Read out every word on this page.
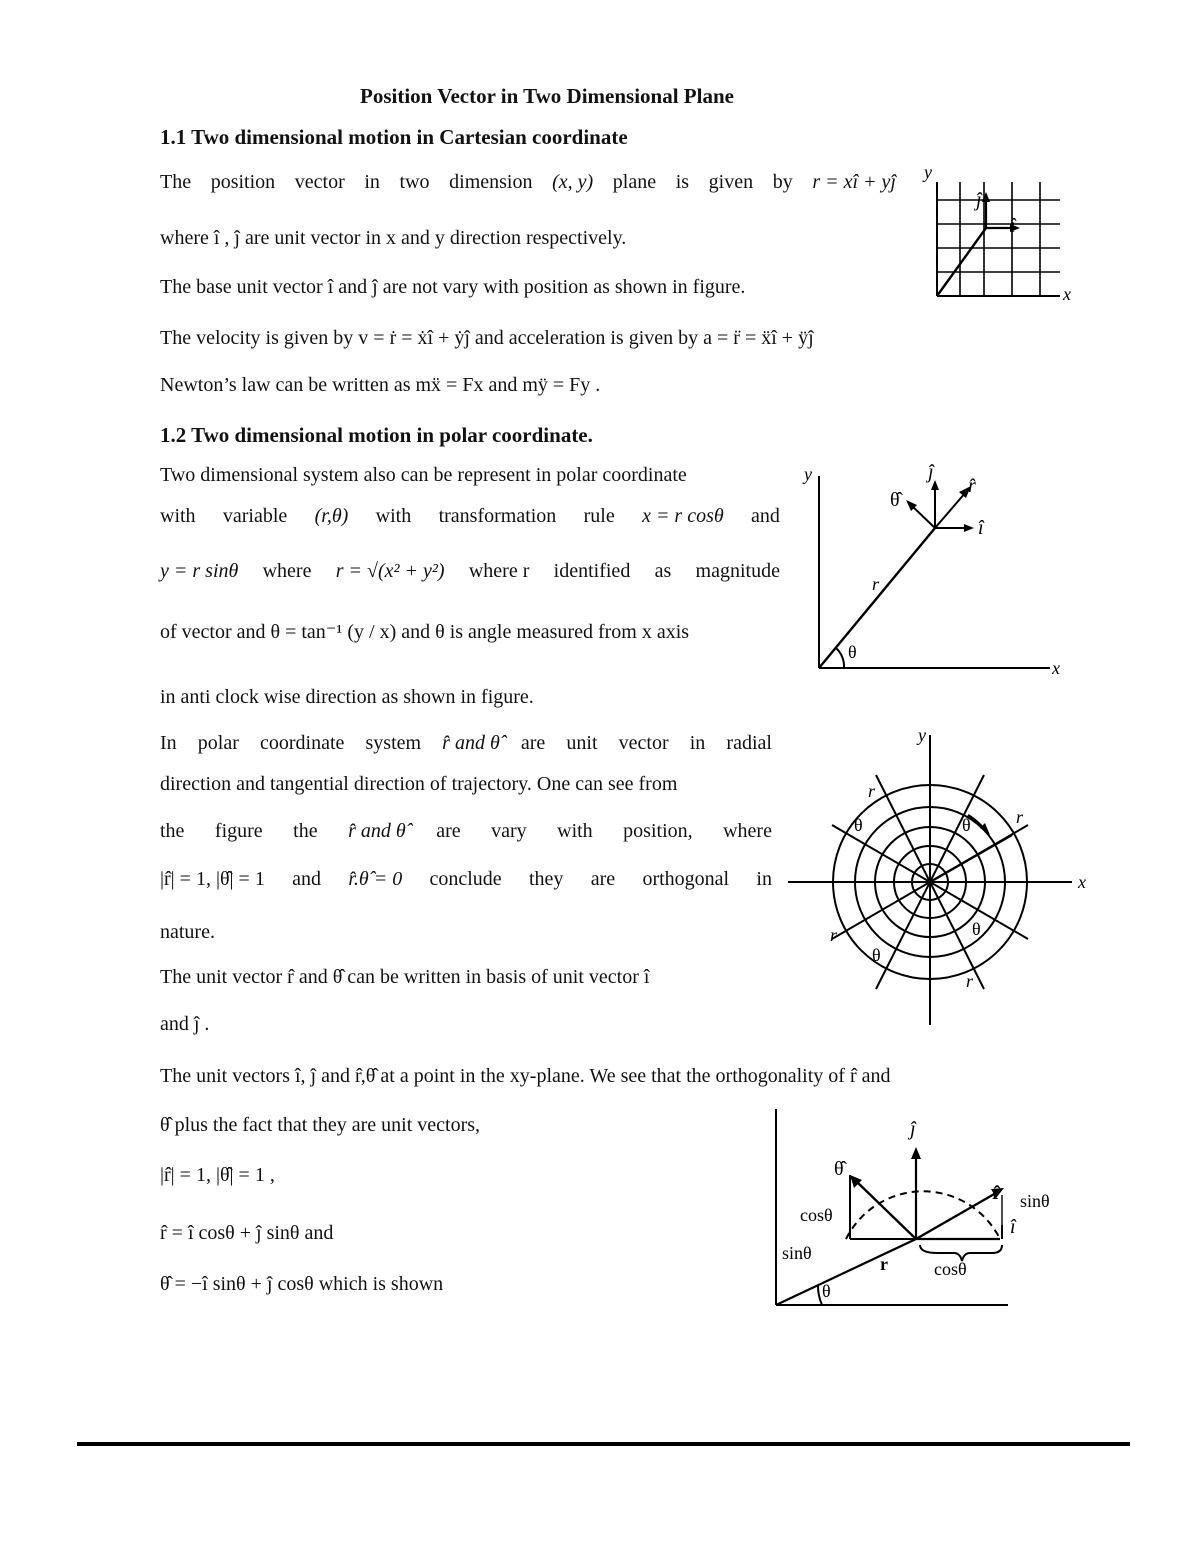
Position Vector in Two Dimensional Plane
1.1 Two dimensional motion in Cartesian coordinate
The position vector in two dimension (x, y) plane is given by r = xî + yĵ
where î , ĵ are unit vector in x and y direction respectively.
The base unit vector î and ĵ are not vary with position as shown in figure.
The velocity is given by v = ṙ = ẋî + ẏĵ and acceleration is given by a = r̈ = ẍî + ÿĵ
Newton’s law can be written as mẍ = Fx and mÿ = Fy .
y
x
î
ĵ
1.2 Two dimensional motion in polar coordinate.
Two dimensional system also can be represent in polar coordinate
with variable (r,θ) with transformation rule x = r cosθ and
y = r sinθ where r = √(x² + y²) where r identified as magnitude
of vector and θ = tan⁻¹ (y / x) and θ is angle measured from x axis
in anti clock wise direction as shown in figure.
In polar coordinate system r̂ and θ̂ are unit vector in radial
direction and tangential direction of trajectory. One can see from
the figure the r̂ and θ̂ are vary with position, where
|r̂| = 1, |θ̂| = 1 and r̂.θ̂ = 0 conclude they are orthogonal in
nature.
The unit vector r̂ and θ̂ can be written in basis of unit vector î
and ĵ .
The unit vectors î, ĵ and r̂,θ̂ at a point in the xy-plane. We see that the orthogonality of r̂ and
θ̂ plus the fact that they are unit vectors,
|r̂| = 1, |θ̂| = 1 ,
r̂ = î cosθ + ĵ sinθ and
θ̂ = −î sinθ + ĵ cosθ which is shown
y
x
r
θ
r̂
θ̂
î
ĵ
y
x
r
r
r
r
θ	θ
θ
θ
ĵ
θ̂
r̂
î
r
θ
cosθ
sinθ
cosθ
sinθ
